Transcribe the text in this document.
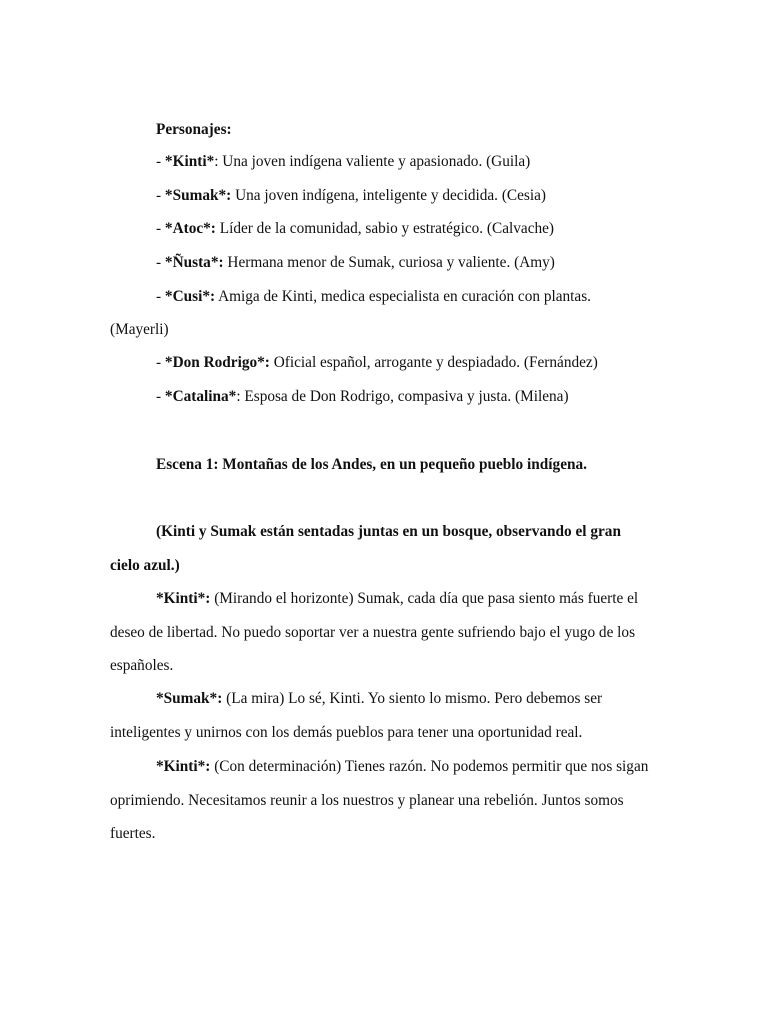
Personajes:
- *Kinti*: Una joven indígena valiente y apasionado. (Guila)
- *Sumak*: Una joven indígena, inteligente y decidida. (Cesia)
- *Atoc*: Líder de la comunidad, sabio y estratégico. (Calvache)
- *Ñusta*: Hermana menor de Sumak, curiosa y valiente. (Amy)
- *Cusi*: Amiga de Kinti, medica especialista en curación con plantas.
(Mayerli)
- *Don Rodrigo*: Oficial español, arrogante y despiadado. (Fernández)
- *Catalina*: Esposa de Don Rodrigo, compasiva y justa. (Milena)
Escena 1: Montañas de los Andes, en un pequeño pueblo indígena.
(Kinti y Sumak están sentadas juntas en un bosque, observando el gran
cielo azul.)
*Kinti*: (Mirando el horizonte) Sumak, cada día que pasa siento más fuerte el
deseo de libertad. No puedo soportar ver a nuestra gente sufriendo bajo el yugo de los
españoles.
*Sumak*: (La mira) Lo sé, Kinti. Yo siento lo mismo. Pero debemos ser
inteligentes y unirnos con los demás pueblos para tener una oportunidad real.
*Kinti*: (Con determinación) Tienes razón. No podemos permitir que nos sigan
oprimiendo. Necesitamos reunir a los nuestros y planear una rebelión. Juntos somos
fuertes.
